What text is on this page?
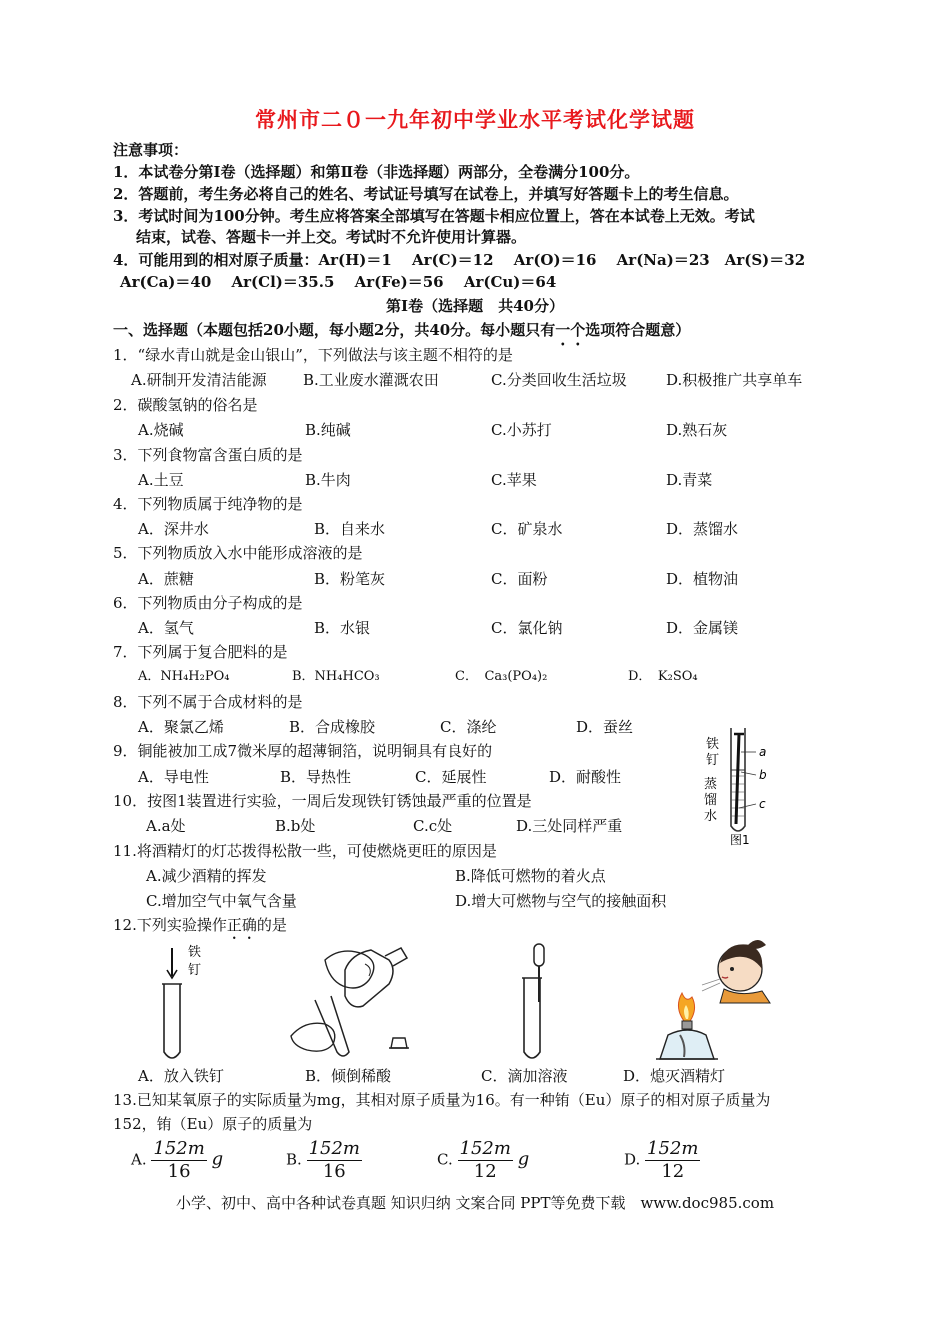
常州市二０一九年初中学业水平考试化学试题
注意事项：
1．本试卷分第Ⅰ卷（选择题）和第Ⅱ卷（非选择题）两部分，全卷满分100分。
2．答题前，考生务必将自己的姓名、考试证号填写在试卷上，并填写好答题卡上的考生信息。
3．考试时间为100分钟。考生应将答案全部填写在答题卡相应位置上，答在本试卷上无效。考试
结束，试卷、答题卡一并上交。考试时不允许使用计算器。
4．可能用到的相对原子质量：Ar(H)＝1　 Ar(C)＝12　 Ar(O)＝16　 Ar(Na)＝23　Ar(S)＝32
Ar(Ca)＝40　 Ar(Cl)＝35.5　 Ar(Fe)＝56　 Ar(Cu)＝64
第Ⅰ卷（选择题　共40分）
一、选择题（本题包括20小题，每小题2分，共40分。每小题只有一个选项符合题意）
1．“绿水青山就是金山银山”，下列做法与该主题不相符的是
A.研制开发清洁能源 B.工业废水灌溉农田	C.分类回收生活垃圾	D.积极推广共享单车
2．碳酸氢钠的俗名是
A.烧碱	B.纯碱	C.小苏打	D.熟石灰
3．下列食物富含蛋白质的是
A.土豆	B.牛肉	C.苹果	D.青菜
4．下列物质属于纯净物的是
A．深井水	B．自来水	C．矿泉水	D．蒸馏水
5．下列物质放入水中能形成溶液的是
A．蔗糖	B．粉笔灰	C．面粉	D．植物油
6．下列物质由分子构成的是
A．氢气	B．水银	C．氯化钠	D．金属镁
7．下列属于复合肥料的是
A．NH₄H₂PO₄	B．NH₄HCO₃	C．　Ca₃(PO₄)₂	D．　K₂SO₄
8．下列不属于合成材料的是
A．聚氯乙烯	B．合成橡胶	C．涤纶	D．蚕丝
9．铜能被加工成7微米厚的超薄铜箔，说明铜具有良好的
A．导电性	B．导热性	C．延展性	D．耐酸性
10．按图1装置进行实验，一周后发现铁钉锈蚀最严重的位置是
A.a处	B.b处	C.c处	D.三处同样严重
铁
钉
蒸
馏
水
a
b
c
图1
11.将酒精灯的灯芯拨得松散一些，可使燃烧更旺的原因是
A.减少酒精的挥发	B.降低可燃物的着火点
C.增加空气中氧气含量	D.增大可燃物与空气的接触面积
12.下列实验操作正确的是
铁
钉
A．放入铁钉	B．倾倒稀酸	C．滴加溶液	D．熄灭酒精灯
13.已知某氧原子的实际质量为mg，其相对原子质量为16。有一种铕（Eu）原子的相对原子质量为
152，铕（Eu）原子的质量为
A. $\frac{152m}{16}$ g	B. $\frac{152m}{16}$	C. $\frac{152m}{12}$ g	D. $\frac{152m}{12}$
小学、初中、高中各种试卷真题 知识归纳 文案合同 PPT等免费下载　www.doc985.com
